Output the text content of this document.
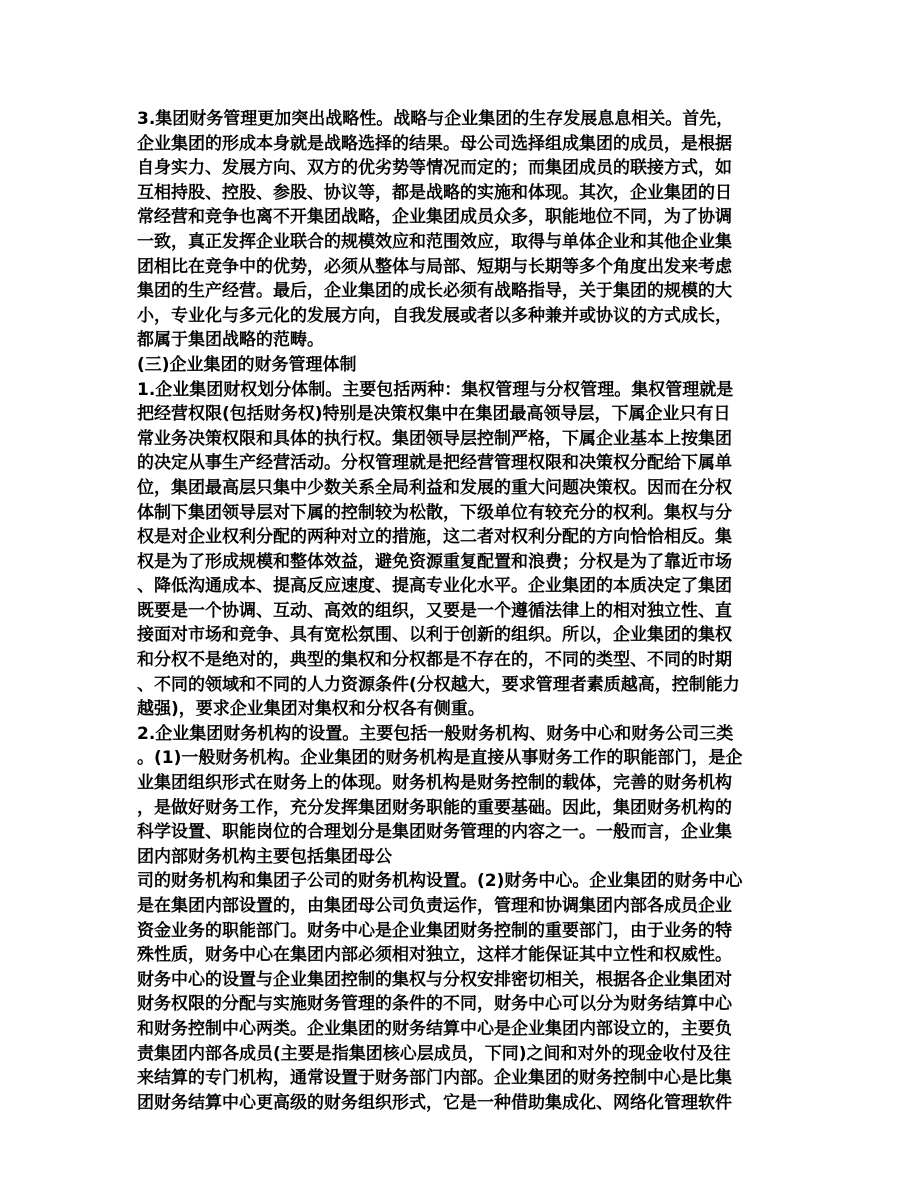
3.集团财务管理更加突出战略性。战略与企业集团的生存发展息息相关。首先，
企业集团的形成本身就是战略选择的结果。母公司选择组成集团的成员，是根据
自身实力、发展方向、双方的优劣势等情况而定的；而集团成员的联接方式，如
互相持股、控股、参股、协议等，都是战略的实施和体现。其次，企业集团的日
常经营和竞争也离不开集团战略，企业集团成员众多，职能地位不同，为了协调
一致，真正发挥企业联合的规模效应和范围效应，取得与单体企业和其他企业集
团相比在竞争中的优势，必须从整体与局部、短期与长期等多个角度出发来考虑
集团的生产经营。最后，企业集团的成长必须有战略指导，关于集团的规模的大
小，专业化与多元化的发展方向，自我发展或者以多种兼并或协议的方式成长，
都属于集团战略的范畴。
(三)企业集团的财务管理体制
1.企业集团财权划分体制。主要包括两种：集权管理与分权管理。集权管理就是
把经营权限(包括财务权)特别是决策权集中在集团最高领导层，下属企业只有日
常业务决策权限和具体的执行权。集团领导层控制严格，下属企业基本上按集团
的决定从事生产经营活动。分权管理就是把经营管理权限和决策权分配给下属单
位，集团最高层只集中少数关系全局利益和发展的重大问题决策权。因而在分权
体制下集团领导层对下属的控制较为松散，下级单位有较充分的权利。集权与分
权是对企业权利分配的两种对立的措施，这二者对权利分配的方向恰恰相反。集
权是为了形成规模和整体效益，避免资源重复配置和浪费；分权是为了靠近市场
、降低沟通成本、提高反应速度、提高专业化水平。企业集团的本质决定了集团
既要是一个协调、互动、高效的组织，又要是一个遵循法律上的相对独立性、直
接面对市场和竞争、具有宽松氛围、以利于创新的组织。所以，企业集团的集权
和分权不是绝对的，典型的集权和分权都是不存在的，不同的类型、不同的时期
、不同的领域和不同的人力资源条件(分权越大，要求管理者素质越高，控制能力
越强)，要求企业集团对集权和分权各有侧重。
2.企业集团财务机构的设置。主要包括一般财务机构、财务中心和财务公司三类
。(1)一般财务机构。企业集团的财务机构是直接从事财务工作的职能部门，是企
业集团组织形式在财务上的体现。财务机构是财务控制的载体，完善的财务机构
，是做好财务工作，充分发挥集团财务职能的重要基础。因此，集团财务机构的
科学设置、职能岗位的合理划分是集团财务管理的内容之一。一般而言，企业集
团内部财务机构主要包括集团母公
司的财务机构和集团子公司的财务机构设置。(2)财务中心。企业集团的财务中心
是在集团内部设置的，由集团母公司负责运作，管理和协调集团内部各成员企业
资金业务的职能部门。财务中心是企业集团财务控制的重要部门，由于业务的特
殊性质，财务中心在集团内部必须相对独立，这样才能保证其中立性和权威性。
财务中心的设置与企业集团控制的集权与分权安排密切相关，根据各企业集团对
财务权限的分配与实施财务管理的条件的不同，财务中心可以分为财务结算中心
和财务控制中心两类。企业集团的财务结算中心是企业集团内部设立的，主要负
责集团内部各成员(主要是指集团核心层成员，下同)之间和对外的现金收付及往
来结算的专门机构，通常设置于财务部门内部。企业集团的财务控制中心是比集
团财务结算中心更高级的财务组织形式，它是一种借助集成化、网络化管理软件
